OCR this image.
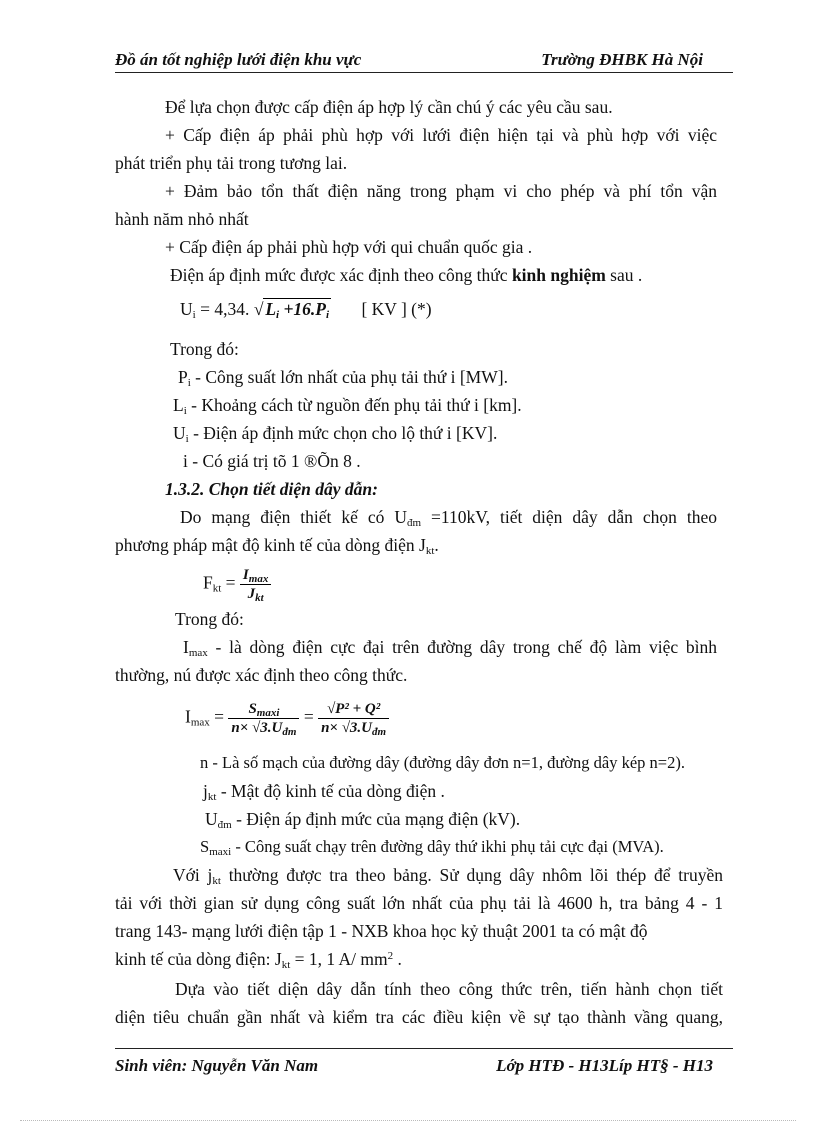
Đồ án tốt nghiệp lưới điện khu vực	Trường ĐHBK Hà Nội
Để lựa chọn được cấp điện áp hợp lý cần chú ý các yêu cầu sau.
+ Cấp điện áp phải phù hợp với lưới điện hiện tại và phù hợp với việc
phát triển phụ tải trong tương lai.
+ Đảm bảo tổn thất điện năng trong phạm vi cho phép và phí tổn vận
hành năm nhỏ nhất
+ Cấp điện áp phải phù hợp với qui chuẩn quốc gia .
Điện áp định mức được xác định theo công thức kinh nghiệm sau .
$U_i = 4,34$. √ $L_i +16.P_i$ [ KV ] (*)
Trong đó:
$P_i$ - Công suất lớn nhất của phụ tải thứ i [MW].
$L_i$ - Khoảng cách từ nguồn đến phụ tải thứ i [km].
$U_i$ - Điện áp định mức chọn cho lộ thứ i [KV].
i - Có giá trị tõ 1 ®Õn 8 .
1.3.2. Chọn tiết diện dây dẫn:
Do mạng điện thiết kế có $U_{đm} =110kV$, tiết diện dây dẫn chọn theo
phương pháp mật độ kinh tế của dòng điện $J_{kt}$.
$F_{kt} = \frac{I_{max}}{J_{kt}}$
Trong đó:
$I_{max}$ - là dòng điện cực đại trên đường dây trong chế độ làm việc bình
thường, nú được xác định theo công thức.
$I_{max} = \frac{S_{maxi}}{n\times √3.U_{đm}} = \frac{\text{√P² + Q²}}{n\times √3.U_{đm}}$
n - Là số mạch của đường dây (đường dây đơn n=1, đường dây kép n=2).
$j_{kt}$ - Mật độ kinh tế của dòng điện .
$U_{đm}$ - Điện áp định mức của mạng điện (kV).
$S_{maxi}$ - Công suất chạy trên đường dây thứ ikhi phụ tải cực đại (MVA).
Với $j_{kt}$ thường được tra theo bảng. Sử dụng dây nhôm lõi thép để truyền
tải với thời gian sử dụng công suất lớn nhất của phụ tải là 4600 h, tra bảng 4 - 1
trang 143- mạng lưới điện tập 1 - NXB khoa học kỷ thuật 2001 ta có mật độ
kinh tế của dòng điện: $J_{kt} = 1$, 1 A/ $mm^2$ .
Dựa vào tiết diện dây dẫn tính theo công thức trên, tiến hành chọn tiết
diện tiêu chuẩn gần nhất và kiểm tra các điều kiện về sự tạo thành vầng quang,
Sinh viên: Nguyễn Văn Nam	Lớp HTĐ - H13Líp HT§ - H13
